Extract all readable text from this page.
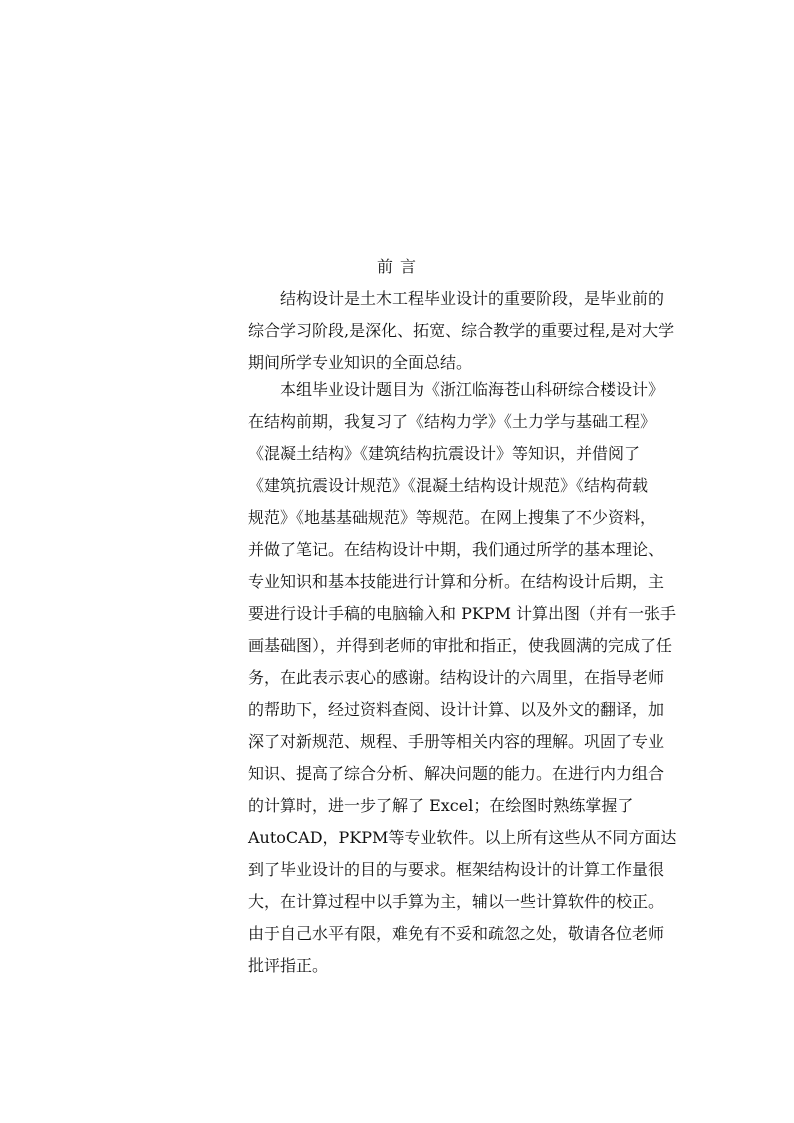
前 言
结构设计是土木工程毕业设计的重要阶段，是毕业前的
综合学习阶段,是深化、拓宽、综合教学的重要过程,是对大学
期间所学专业知识的全面总结。
本组毕业设计题目为《浙江临海苍山科研综合楼设计》
在结构前期，我复习了《结构力学》《土力学与基础工程》
《混凝土结构》《建筑结构抗震设计》等知识，并借阅了
《建筑抗震设计规范》《混凝土结构设计规范》《结构荷载
规范》《地基基础规范》等规范。在网上搜集了不少资料，
并做了笔记。在结构设计中期，我们通过所学的基本理论、
专业知识和基本技能进行计算和分析。在结构设计后期，主
要进行设计手稿的电脑输入和 PKPM 计算出图（并有一张手
画基础图），并得到老师的审批和指正，使我圆满的完成了任
务，在此表示衷心的感谢。结构设计的六周里，在指导老师
的帮助下，经过资料查阅、设计计算、以及外文的翻译，加
深了对新规范、规程、手册等相关内容的理解。巩固了专业
知识、提高了综合分析、解决问题的能力。在进行内力组合
的计算时，进一步了解了 Excel；在绘图时熟练掌握了
AutoCAD，PKPM等专业软件。以上所有这些从不同方面达
到了毕业设计的目的与要求。框架结构设计的计算工作量很
大，在计算过程中以手算为主，辅以一些计算软件的校正。
由于自己水平有限，难免有不妥和疏忽之处，敬请各位老师
批评指正。
